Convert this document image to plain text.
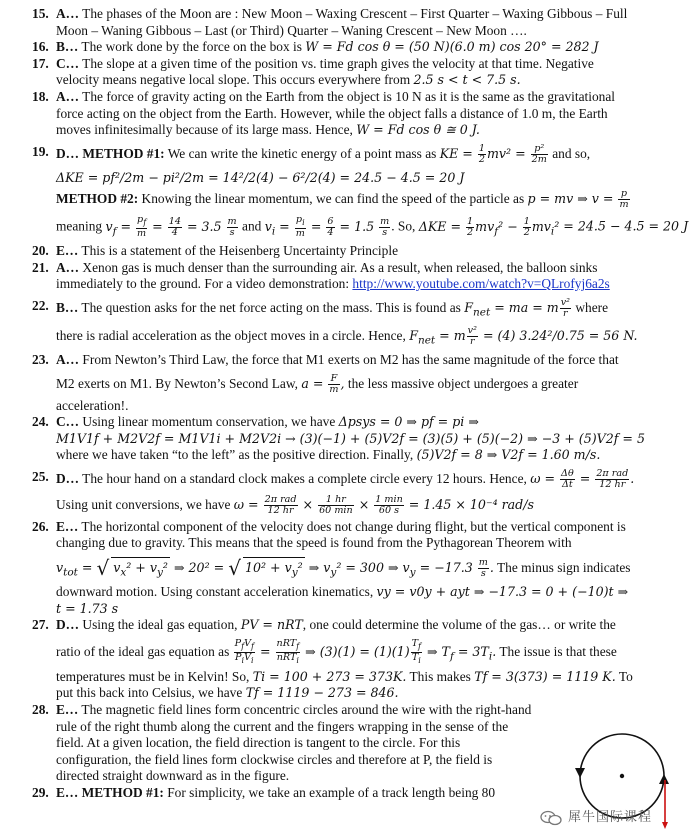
15. A… The phases of the Moon are : New Moon – Waxing Crescent – First Quarter – Waxing Gibbous – Full
Moon – Waning Gibbous – Last (or Third) Quarter – Waning Crescent – New Moon ….
16. B… The work done by the force on the box is W = Fd cos θ = (50 N)(6.0 m) cos 20° = 282 J
17. C… The slope at a given time of the position vs. time graph gives the velocity at that time. Negative
velocity means negative local slope. This occurs everywhere from 2.5 s < t < 7.5 s.
18. A… The force of gravity acting on the Earth from the object is 10 N as it is the same as the gravitational
force acting on the object from the Earth. However, while the object falls a distance of 1.0 m, the Earth
moves infinitesimally because of its large mass. Hence, W = Fd cos θ ≅ 0 J.
19. D… METHOD #1: We can write the kinetic energy of a point mass as KE = $\frac{1}{2} mv^2 = \frac{\text{p²}}{2m}$ and so,
ΔKE = pf²/2m − pi²/2m = 14²/2(4) − 6²/2(4) = 24.5 − 4.5 = 20 J
METHOD #2: Knowing the linear momentum, we can find the speed of the particle as p = mv ⇒ $v = \frac{p}{m}$
meaning $v_f = \frac{p_f}{m} = \frac{14}{4} = 3.5 \frac{m}{s}$ and $v_i = \frac{p_i}{m} = \frac{6}{4} = 1.5 \frac{m}{s}$ . So, $\Delta KE = \frac{1}{2} mv_f^2 - \frac{1}{2} mv_i^2 = 24.5 - 4.5 = 20$ J
20. E… This is a statement of the Heisenberg Uncertainty Principle
21. A… Xenon gas is much denser than the surrounding air. As a result, when released, the balloon sinks
immediately to the ground. For a video demonstration: http://www.youtube.com/watch?v=QLrofyj6a2s
22. B… The question asks for the net force acting on the mass. This is found as $F_{net}$ = ma = m $\frac{\text{v²}}{r}$ where
there is radial acceleration as the object moves in a circle. Hence, $F_{net} = m \frac{\text{v²}}{r} = (4) 3.24^2/0.75 = 56$ N.
23. A… From Newton’s Third Law, the force that M1 exerts on M2 has the same magnitude of the force that
M2 exerts on M1. By Newton’s Second Law, $a = \frac{F}{m}$ , the less massive object undergoes a greater
acceleration!.
24. C… Using linear momentum conservation, we have Δpsys = 0 ⇒ pf = pi ⇒
M1V1f + M2V2f = M1V1i + M2V2i → (3)(−1) + (5)V2f = (3)(5) + (5)(−2) ⇒ −3 + (5)V2f = 5
where we have taken “to the left” as the positive direction. Finally, (5)V2f = 8 ⇒ V2f = 1.60 m/s.
25. D… The hour hand on a standard clock makes a complete circle every 12 hours. Hence, $\omega = \frac{\Delta\theta}{\Delta t} = \frac{\text{2π rad}}{12 hr}$ .
Using unit conversions, we have $\omega = \frac{\text{2π rad}}{12 hr} \times \frac{1 hr}{60 \min} \times \frac{1 \min}{60 s} = 1.45 \times 10^{-4}$ rad/s
26. E… The horizontal component of the velocity does not change during flight, but the vertical component is
changing due to gravity. This means that the speed is found from the Pythagorean Theorem with
$v_{tot}$ = √ $v_x^2 + v_y^2$ ⇒ 20² = √ $10^2 + v_y^2$ ⇒ $v_y^2 = 300$ ⇒ $v_y = -17.3 \frac{m}{s}$ . The minus sign indicates
downward motion. Using constant acceleration kinematics, vy = v0y + ayt ⇒ −17.3 = 0 + (−10)t ⇒
t = 1.73 s
27. D… Using the ideal gas equation, PV = nRT, one could determine the volume of the gas… or write the
ratio of the ideal gas equation as $\frac{P_fV_f}{P_iV_i} = \frac{nRT_f}{nRT_i}$ ⇒ $(3)(1) = (1)(1) \frac{T_f}{T_i}$ ⇒ $T_f = 3T_i$. The issue is that these
temperatures must be in Kelvin! So, Ti = 100 + 273 = 373K. This makes Tf = 3(373) = 1119 K. To
put this back into Celsius, we have Tf = 1119 − 273 = 846.
28. E… The magnetic field lines form concentric circles around the wire with the right-hand
rule of the right thumb along the current and the fingers wrapping in the sense of the
field. At a given location, the field direction is tangent to the circle. For this
configuration, the field lines form clockwise circles and therefore at P, the field is
directed straight downward as in the figure.
29. E… METHOD #1: For simplicity, we take an example of a track length being 80
犀牛国际课程
